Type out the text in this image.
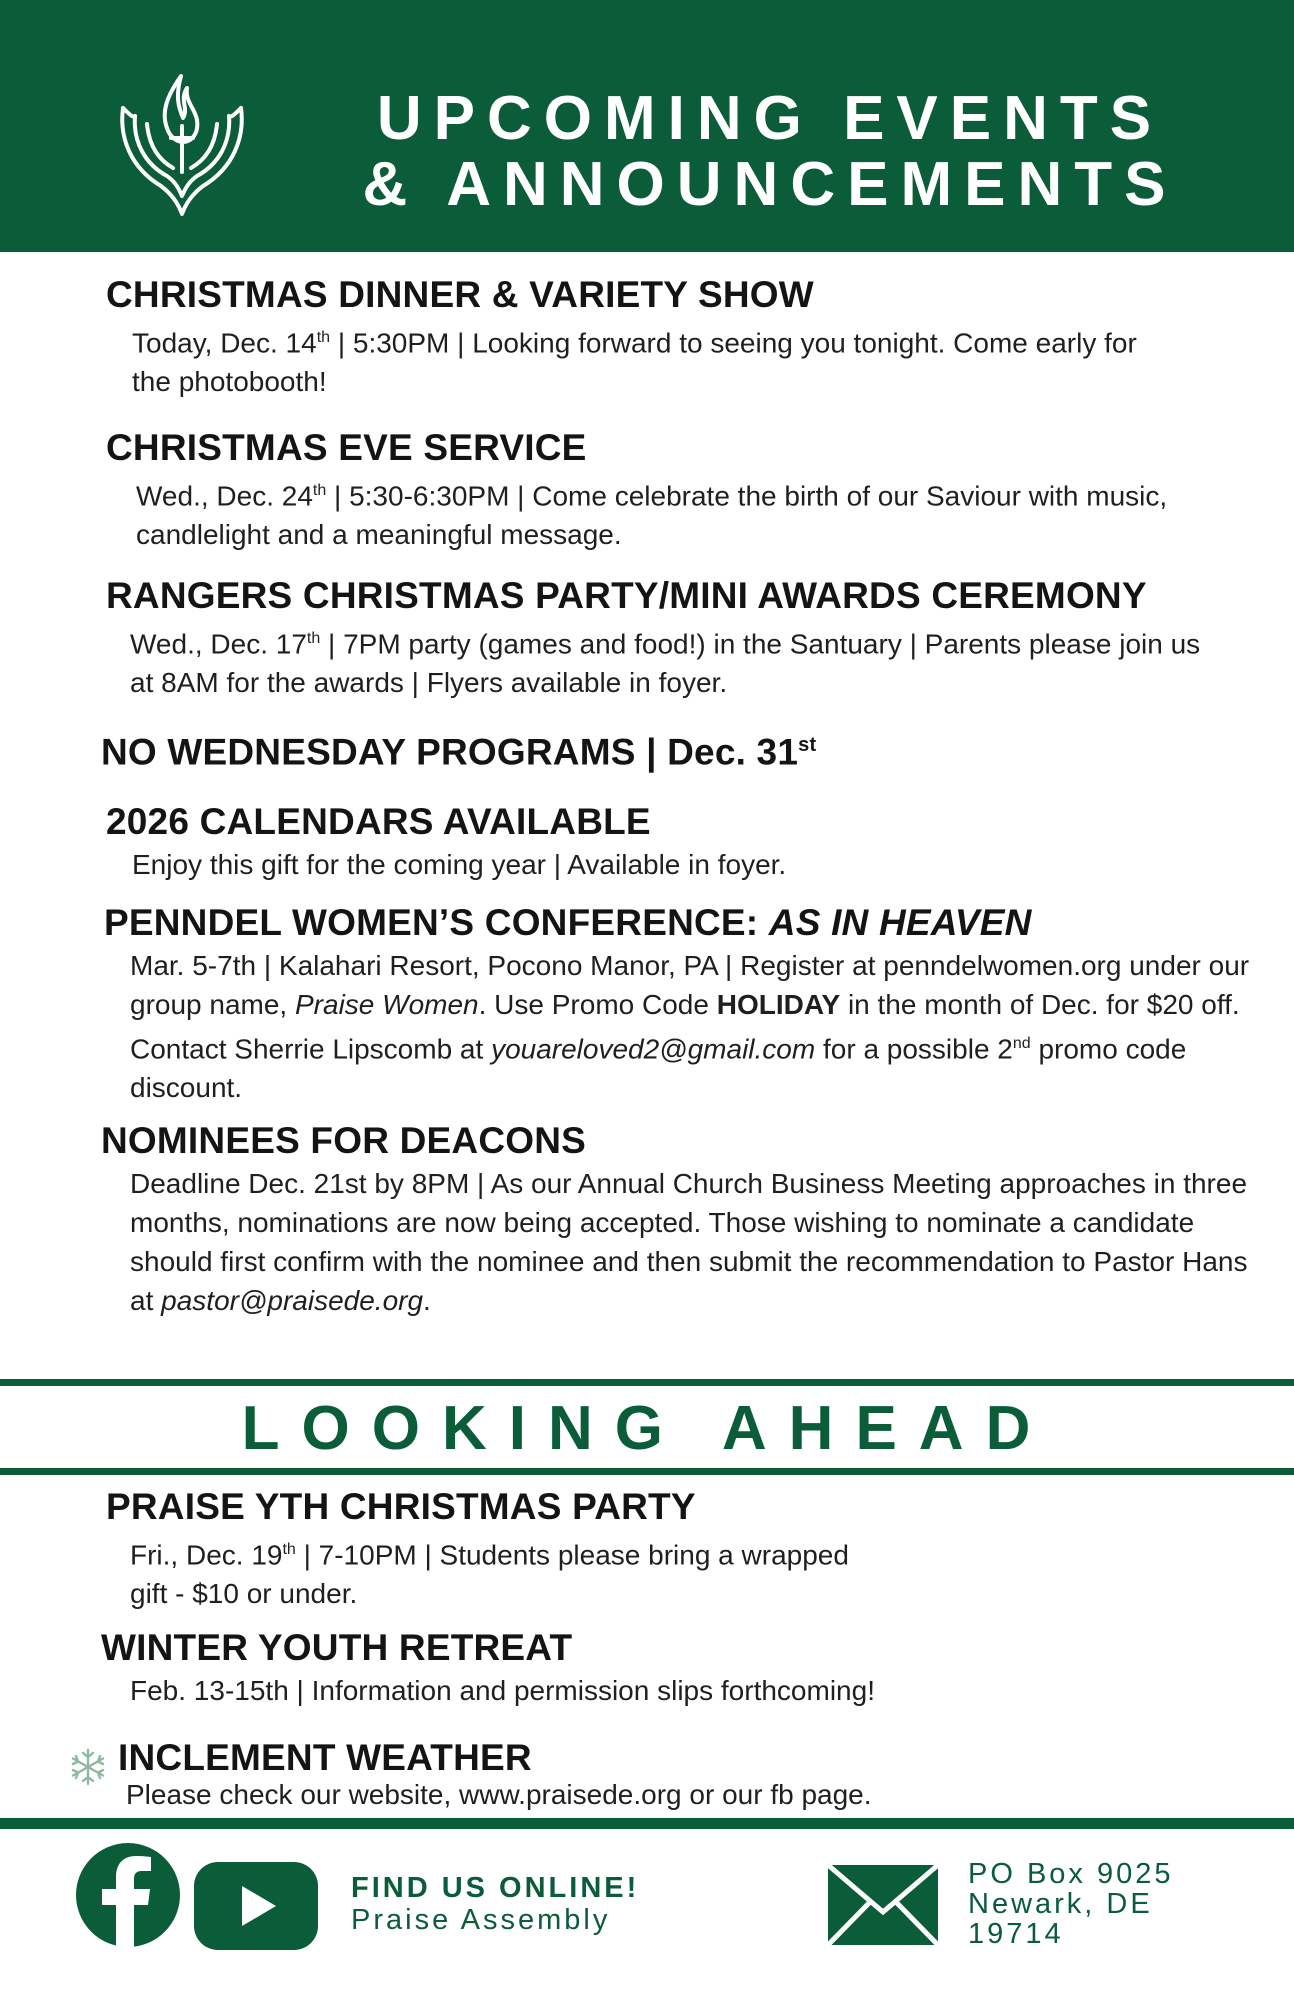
UPCOMING EVENTS
& ANNOUNCEMENTS
CHRISTMAS DINNER & VARIETY SHOW
Today, Dec. 14th | 5:30PM | Looking forward to seeing you tonight. Come early for the photobooth!
CHRISTMAS EVE SERVICE
Wed., Dec. 24th | 5:30-6:30PM | Come celebrate the birth of our Saviour with music, candlelight and a meaningful message.
RANGERS CHRISTMAS PARTY/MINI AWARDS CEREMONY
Wed., Dec. 17th | 7PM party (games and food!) in the Santuary | Parents please join us at 8AM for the awards | Flyers available in foyer.
NO WEDNESDAY PROGRAMS | Dec. 31st
2026 CALENDARS AVAILABLE
Enjoy this gift for the coming year | Available in foyer.
PENNDEL WOMEN’S CONFERENCE: AS IN HEAVEN
Mar. 5-7th | Kalahari Resort, Pocono Manor, PA | Register at penndelwomen.org under our group name, Praise Women. Use Promo Code HOLIDAY in the month of Dec. for $20 off. Contact Sherrie Lipscomb at youareloved2@gmail.com for a possible 2nd promo code discount.
NOMINEES FOR DEACONS
Deadline Dec. 21st by 8PM | As our Annual Church Business Meeting approaches in three months, nominations are now being accepted. Those wishing to nominate a candidate should first confirm with the nominee and then submit the recommendation to Pastor Hans at pastor@praisede.org.
LOOKING AHEAD
PRAISE YTH CHRISTMAS PARTY
Fri., Dec. 19th | 7-10PM | Students please bring a wrapped
gift - $10 or under.
WINTER YOUTH RETREAT
Feb. 13-15th | Information and permission slips forthcoming!
INCLEMENT WEATHER
Please check our website, www.praisede.org or our fb page.
FIND US ONLINE!
Praise Assembly
PO Box 9025
Newark, DE
19714
